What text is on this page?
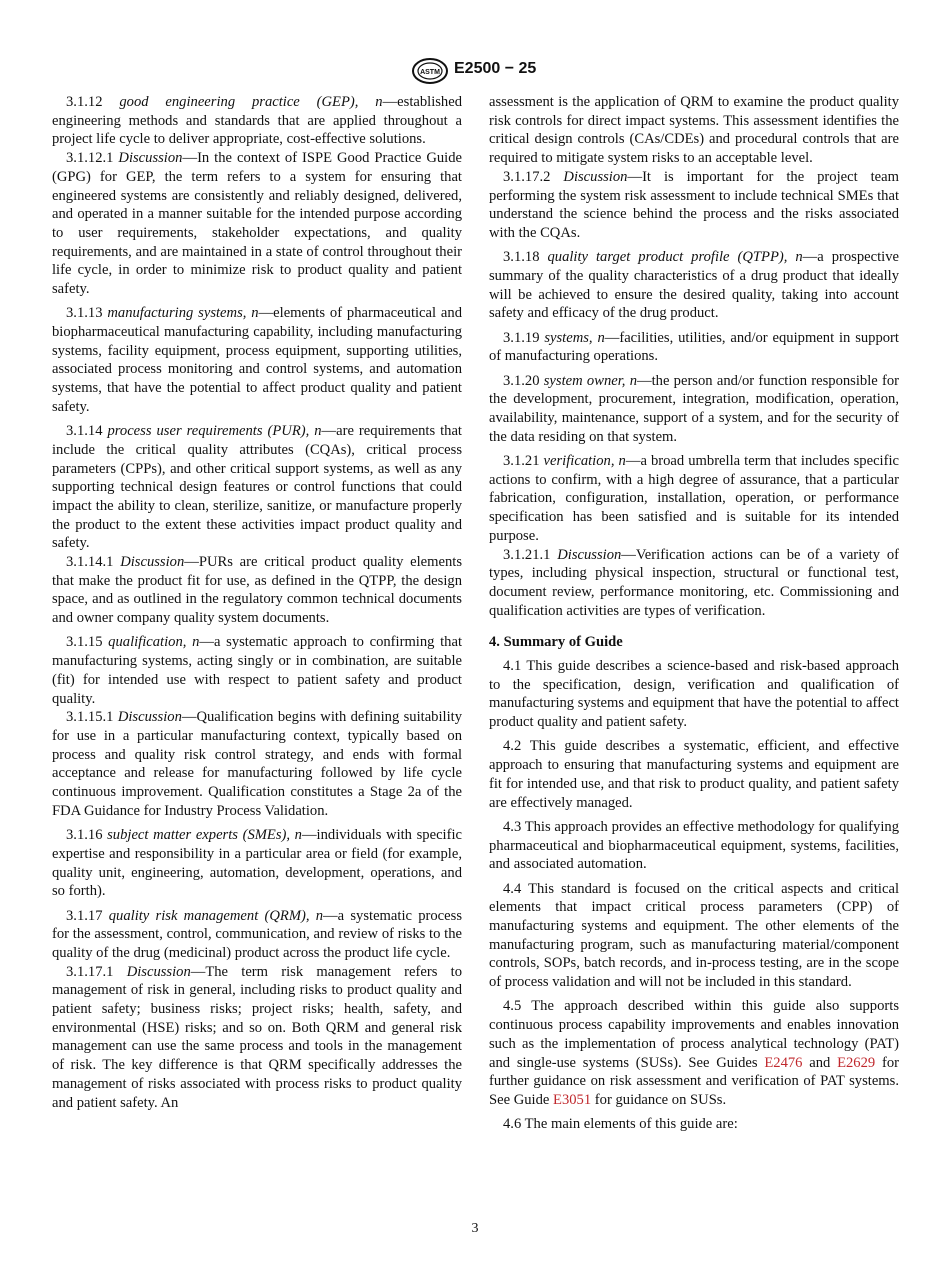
ASTM E2500 − 25

3.1.12 good engineering practice (GEP), n—established engineering methods and standards that are applied throughout a project life cycle to deliver appropriate, cost-effective solutions.

3.1.12.1 Discussion—In the context of ISPE Good Practice Guide (GPG) for GEP, the term refers to a system for ensuring that engineered systems are consistently and reliably designed, delivered, and operated in a manner suitable for the intended purpose according to user requirements, stakeholder expectations, and quality requirements, and are maintained in a state of control throughout their life cycle, in order to minimize risk to product quality and patient safety.

3.1.13 manufacturing systems, n—elements of pharmaceutical and biopharmaceutical manufacturing capability, including manufacturing systems, facility equipment, process equipment, supporting utilities, associated process monitoring and control systems, and automation systems, that have the potential to affect product quality and patient safety.

3.1.14 process user requirements (PUR), n—are requirements that include the critical quality attributes (CQAs), critical process parameters (CPPs), and other critical support systems, as well as any supporting technical design features or control functions that could impact the ability to clean, sterilize, sanitize, or manufacture properly the product to the extent these activities impact product quality and safety.

3.1.14.1 Discussion—PURs are critical product quality elements that make the product fit for use, as defined in the QTPP, the design space, and as outlined in the regulatory common technical documents and owner company quality system documents.

3.1.15 qualification, n—a systematic approach to confirming that manufacturing systems, acting singly or in combination, are suitable (fit) for intended use with respect to patient safety and product quality.

3.1.15.1 Discussion—Qualification begins with defining suitability for use in a particular manufacturing context, typically based on process and quality risk control strategy, and ends with formal acceptance and release for manufacturing followed by life cycle continuous improvement. Qualification constitutes a Stage 2a of the FDA Guidance for Industry Process Validation.

3.1.16 subject matter experts (SMEs), n—individuals with specific expertise and responsibility in a particular area or field (for example, quality unit, engineering, automation, development, operations, and so forth).

3.1.17 quality risk management (QRM), n—a systematic process for the assessment, control, communication, and review of risks to the quality of the drug (medicinal) product across the product life cycle.

3.1.17.1 Discussion—The term risk management refers to management of risk in general, including risks to product quality and patient safety; business risks; project risks; health, safety, and environmental (HSE) risks; and so on. Both QRM and general risk management can use the same process and tools in the management of risk. The key difference is that QRM specifically addresses the management of risks associated with process risks to product quality and patient safety. An

assessment is the application of QRM to examine the product quality risk controls for direct impact systems. This assessment identifies the critical design controls (CAs/CDEs) and procedural controls that are required to mitigate system risks to an acceptable level.

3.1.17.2 Discussion—It is important for the project team performing the system risk assessment to include technical SMEs that understand the science behind the process and the risks associated with the CQAs.

3.1.18 quality target product profile (QTPP), n—a prospective summary of the quality characteristics of a drug product that ideally will be achieved to ensure the desired quality, taking into account safety and efficacy of the drug product.

3.1.19 systems, n—facilities, utilities, and/or equipment in support of manufacturing operations.

3.1.20 system owner, n—the person and/or function responsible for the development, procurement, integration, modification, operation, availability, maintenance, support of a system, and for the security of the data residing on that system.

3.1.21 verification, n—a broad umbrella term that includes specific actions to confirm, with a high degree of assurance, that a particular fabrication, configuration, installation, operation, or performance specification has been satisfied and is suitable for its intended purpose.

3.1.21.1 Discussion—Verification actions can be of a variety of types, including physical inspection, structural or functional test, document review, performance monitoring, etc. Commissioning and qualification activities are types of verification.

4. Summary of Guide

4.1 This guide describes a science-based and risk-based approach to the specification, design, verification and qualification of manufacturing systems and equipment that have the potential to affect product quality and patient safety.

4.2 This guide describes a systematic, efficient, and effective approach to ensuring that manufacturing systems and equipment are fit for intended use, and that risk to product quality, and patient safety are effectively managed.

4.3 This approach provides an effective methodology for qualifying pharmaceutical and biopharmaceutical equipment, systems, facilities, and associated automation.

4.4 This standard is focused on the critical aspects and critical elements that impact critical process parameters (CPP) of manufacturing systems and equipment. The other elements of the manufacturing program, such as manufacturing material/component controls, SOPs, batch records, and in-process testing, are in the scope of process validation and will not be included in this standard.

4.5 The approach described within this guide also supports continuous process capability improvements and enables innovation such as the implementation of process analytical technology (PAT) and single-use systems (SUSs). See Guides E2476 and E2629 for further guidance on risk assessment and verification of PAT systems. See Guide E3051 for guidance on SUSs.

4.6 The main elements of this guide are:

3
